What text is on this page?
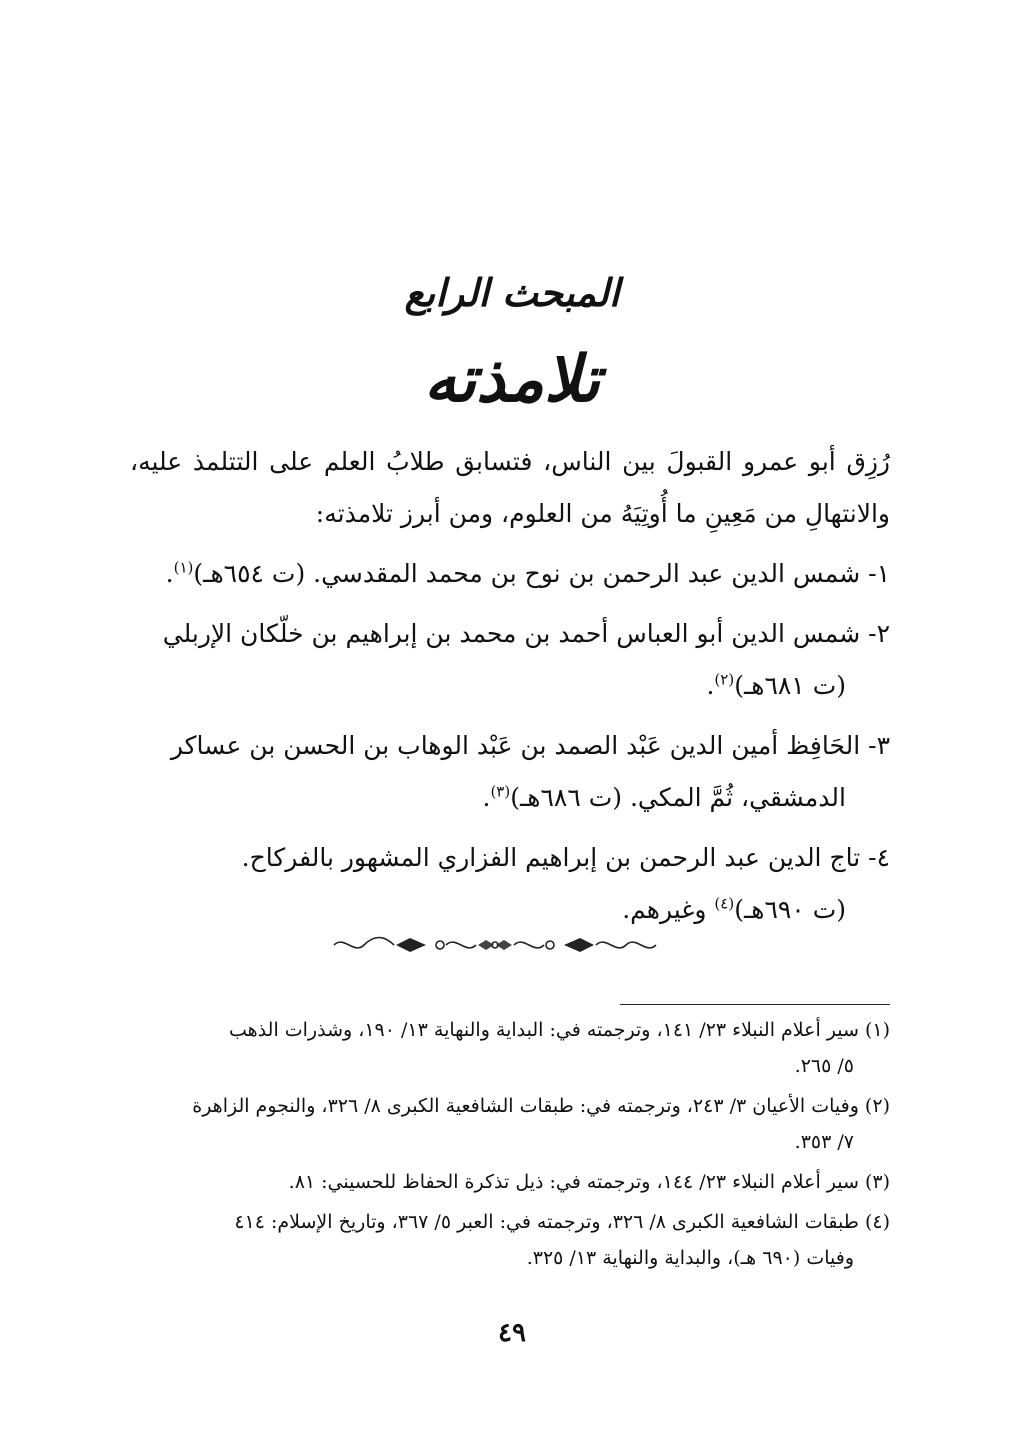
المبحث الرابع
تلامذته
رُزِق أبو عمرو القبولَ بين الناس، فتسابق طلابُ العلم على التتلمذ عليه، والانتهالِ من مَعِينِ ما أُوتِيَهُ من العلوم، ومن أبرز تلامذته:
١- شمس الدين عبد الرحمن بن نوح بن محمد المقدسي. (ت ٦٥٤هـ)$^{(١)}$.
٢- شمس الدين أبو العباس أحمد بن محمد بن إبراهيم بن خلّكان الإربلي
(ت ٦٨١هـ)$^{(٢)}$.
٣- الحَافِظ أمين الدين عَبْد الصمد بن عَبْد الوهاب بن الحسن بن عساكر
الدمشقي، ثُمَّ المكي. (ت ٦٨٦هـ)$^{(٣)}$.
٤- تاج الدين عبد الرحمن بن إبراهيم الفزاري المشهور بالفركاح.
(ت ٦٩٠هـ)$^{(٤)}$ وغيرهم.
(١) سير أعلام النبلاء ٢٣/ ١٤١، وترجمته في: البداية والنهاية ١٣/ ١٩٠، وشذرات الذهب
٥/ ٢٦٥.
(٢) وفيات الأعيان ٣/ ٢٤٣، وترجمته في: طبقات الشافعية الكبرى ٨/ ٣٢٦، والنجوم الزاهرة
٧/ ٣٥٣.
(٣) سير أعلام النبلاء ٢٣/ ١٤٤، وترجمته في: ذيل تذكرة الحفاظ للحسيني: ٨١.
(٤) طبقات الشافعية الكبرى ٨/ ٣٢٦، وترجمته في: العبر ٥/ ٣٦٧، وتاريخ الإسلام: ٤١٤
وفيات (٦٩٠ هـ)، والبداية والنهاية ١٣/ ٣٢٥.
٤٩
